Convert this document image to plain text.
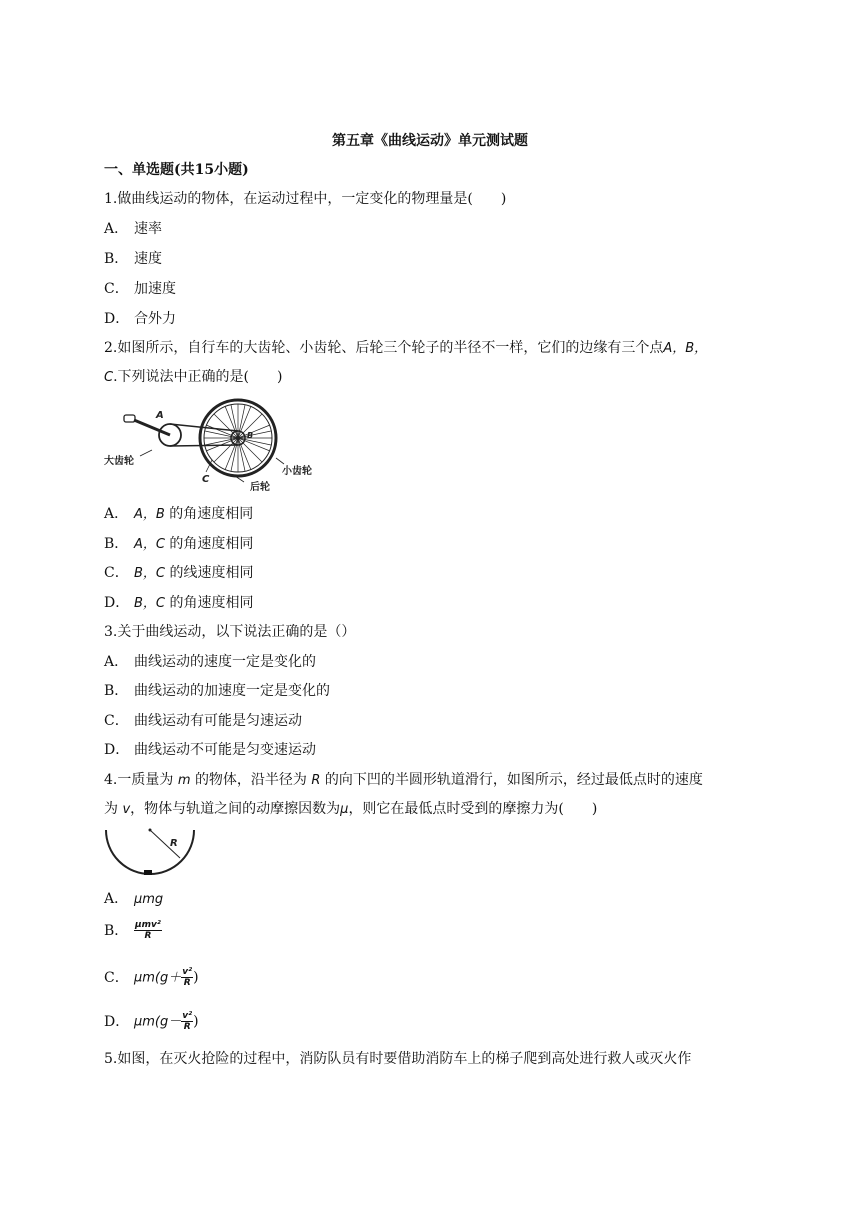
第五章《曲线运动》单元测试题
一、单选题(共15小题)
1.做曲线运动的物体，在运动过程中，一定变化的物理量是(　　)
A． 速率
B． 速度
C． 加速度
D． 合外力
2.如图所示，自行车的大齿轮、小齿轮、后轮三个轮子的半径不一样，它们的边缘有三个点A，B，
C.下列说法中正确的是(　　)
A
B
C
大齿轮
小齿轮
后轮
A． A，B 的角速度相同
B． A，C 的角速度相同
C． B，C 的线速度相同
D． B，C 的角速度相同
3.关于曲线运动，以下说法正确的是（）
A． 曲线运动的速度一定是变化的
B． 曲线运动的加速度一定是变化的
C． 曲线运动有可能是匀速运动
D． 曲线运动不可能是匀变速运动
4.一质量为 m 的物体，沿半径为 R 的向下凹的半圆形轨道滑行，如图所示，经过最低点时的速度
为 v，物体与轨道之间的动摩擦因数为μ，则它在最低点时受到的摩擦力为(　　)
R
A． μmg
B． $\frac{\text{μmv²}}{R}$
C． $\mu m(g+ \frac{\text{v²}}{R}$ )
D． $\mu m(g- \frac{\text{v²}}{R}$ )
5.如图，在灭火抢险的过程中，消防队员有时要借助消防车上的梯子爬到高处进行救人或灭火作
